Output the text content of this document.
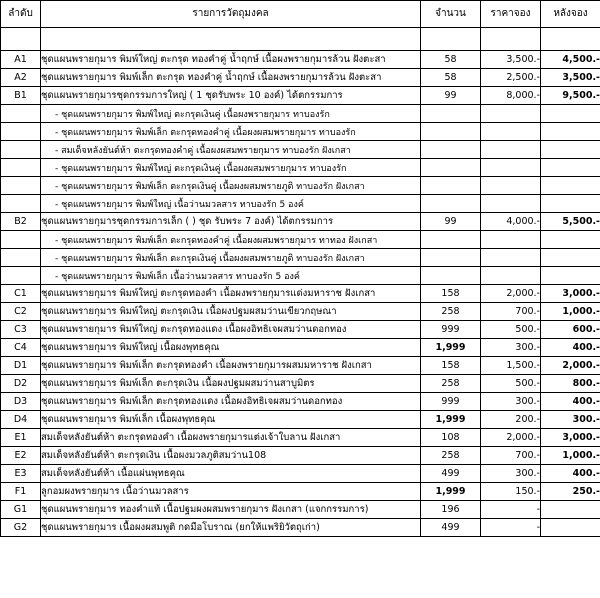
ลำดับ	รายการวัตถุมงคล	จำนวน	ราคาจอง	หลังจอง

A1	ชุดแผนพรายกุมาร พิมพ์ใหญ่ ตะกรุด ทองคำคู่ น้ำฤกษ์ เนื้อผงพรายกุมารล้วน ฝังตะสา	58	3,500.-	4,500.-
A2	ชุดแผนพรายกุมาร พิมพ์เล็ก ตะกรุด ทองคำคู่ น้ำฤกษ์ เนื้อผงพรายกุมารล้วน ฝังตะสา	58	2,500.-	3,500.-
B1	ชุดแผนพรายกุมารชุดกรรมการใหญ่ ( 1 ชุดรับพระ 10 องค์) ได้ตกรรมการ	99	8,000.-	9,500.-
	- ชุดแผนพรายกุมาร พิมพ์ใหญ่ ตะกรุดเงินคู่ เนื้อผงพรายกุมาร ทาบองรัก			
	- ชุดแผนพรายกุมาร พิมพ์เล็ก ตะกรุดทองคำคู่ เนื้อผงผสมพรายกุมาร ทาบองรัก			
	- สมเด็จหลังยันต์ห้า ตะกรุดทองคำคู่ เนื้อผงผสมพรายกุมาร ทาบองรัก ฝังเกสา			
	- ชุดแผนพรายกุมาร พิมพ์ใหญ่ ตะกรุดเงินคู่ เนื้อผงผสมพรายกุมาร ทาบองรัก			
	- ชุดแผนพรายกุมาร พิมพ์เล็ก ตะกรุดเงินคู่ เนื้อผงผสมพรายภูติ ทาบองรัก ฝังเกสา			
	- ชุดแผนพรายกุมาร พิมพ์ใหญ่ เนื้อว่านมวลสาร ทาบองรัก 5 องค์			
B2	ชุดแผนพรายกุมารชุดกรรมการเล็ก ( ) ชุด รับพระ 7 องค์) ได้ตกรรมการ	99	4,000.-	5,500.-
	- ชุดแผนพรายกุมาร พิมพ์เล็ก ตะกรุดทองคำคู่ เนื้อผงผสมพรายกุมาร ทาทอง ฝังเกสา			
	- ชุดแผนพรายกุมาร พิมพ์เล็ก ตะกรุดเงินคู่ เนื้อผงผสมพรายภูติ ทาบองรัก ฝังเกสา			
	- ชุดแผนพรายกุมาร พิมพ์เล็ก เนื้อว่านมวลสาร ทาบองรัก 5 องค์			
C1	ชุดแผนพรายกุมาร พิมพ์ใหญ่ ตะกรุดทองคำ เนื้อผงพรายกุมารแด่งมหาราช ฝังเกสา	158	2,000.-	3,000.-
C2	ชุดแผนพรายกุมาร พิมพ์ใหญ่ ตะกรุดเงิน เนื้อผงปฐมผสมว่านเขียวกฤษณา	258	700.-	1,000.-
C3	ชุดแผนพรายกุมาร พิมพ์ใหญ่ ตะกรุดทองแดง เนื้อผงอิทธิเจผสมว่านดอกทอง	999	500.-	600.-
C4	ชุดแผนพรายกุมาร พิมพ์ใหญ่ เนื้อผงพุทธคุณ	1,999	300.-	400.-
D1	ชุดแผนพรายกุมาร พิมพ์เล็ก ตะกรุดทองคำ เนื้อผงพรายกุมารผสมมหาราช ฝังเกสา	158	1,500.-	2,000.-
D2	ชุดแผนพรายกุมาร พิมพ์เล็ก ตะกรุดเงิน เนื้อผงปฐมผสมว่านสาบูมิตร	258	500.-	800.-
D3	ชุดแผนพรายกุมาร พิมพ์เล็ก ตะกรุดทองแดง เนื้อผงอิทธิเจผสมว่านดอกทอง	999	300.-	400.-
D4	ชุดแผนพรายกุมาร พิมพ์เล็ก เนื้อผงพุทธคุณ	1,999	200.-	300.-
E1	สมเด็จหลังยันต์ห้า ตะกรุดทองคำ เนื้อผงพรายกุมารแต่งเจ้าใบลาน ฝังเกสา	108	2,000.-	3,000.-
E2	สมเด็จหลังยันต์ห้า ตะกรุดเงิน เนื้อผงมวลภูติสมว่าน108	258	700.-	1,000.-
E3	สมเด็จหลังยันต์ห้า เนื้อแผ่นพุทธคุณ	499	300.-	400.-
F1	ลูกอมผงพรายกุมาร เนื้อว่านมวลสาร	1,999	150.-	250.-
G1	ชุดแผนพรายกุมาร ทองคำแท้ เนื้อปฐมผงผสมพรายกุมาร ฝังเกสา (แจกกรรมการ)	196	-	
G2	ชุดแผนพรายกุมาร เนื้อผงผสมพูติ กดมือโบราณ (ยกให้แพริยิวัตถุเก่า)	499	-	
